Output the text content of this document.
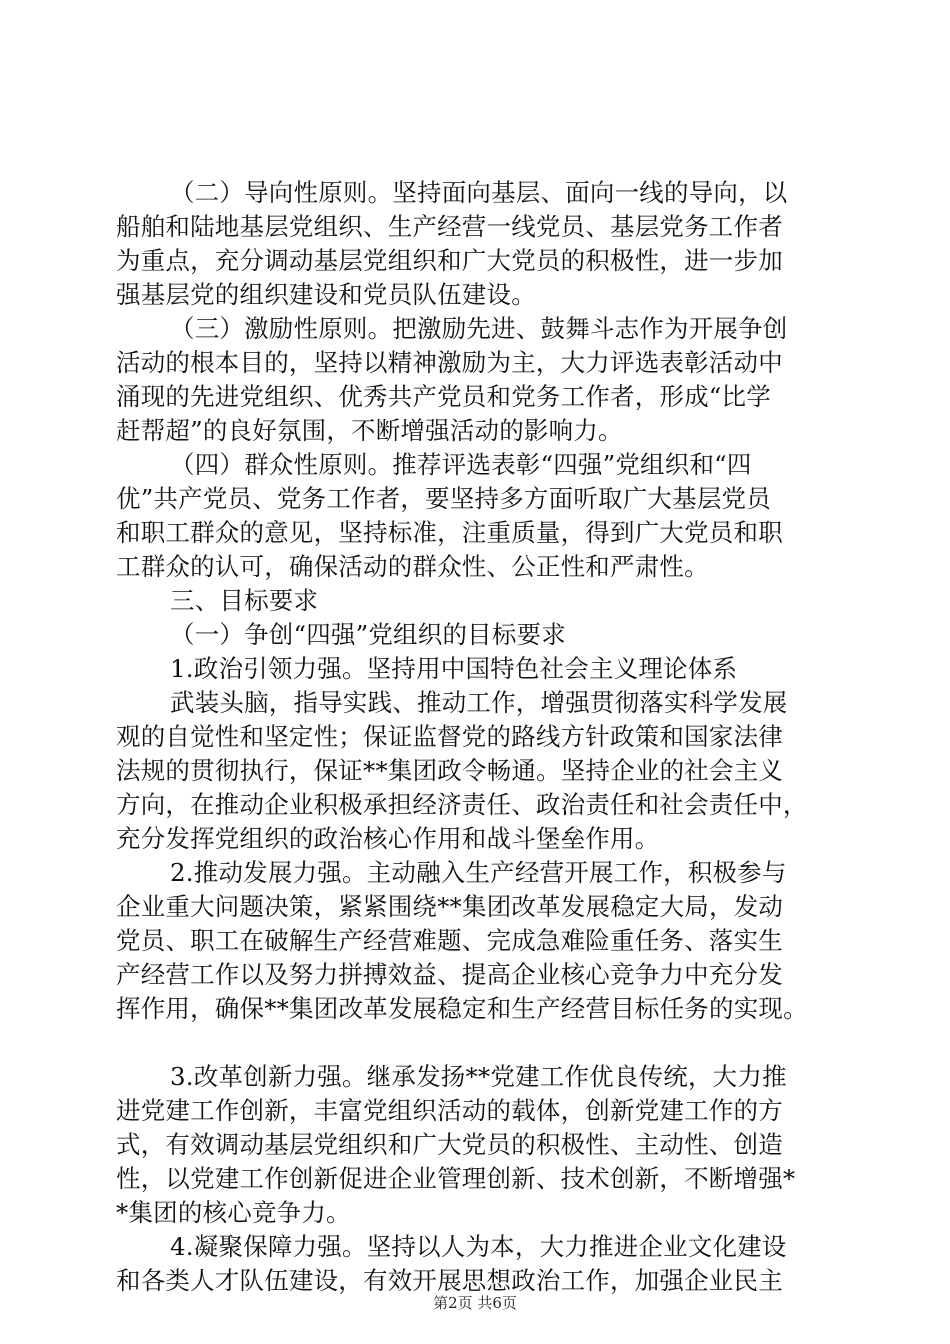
（二）导向性原则。坚持面向基层、面向一线的导向，以
船舶和陆地基层党组织、生产经营一线党员、基层党务工作者
为重点，充分调动基层党组织和广大党员的积极性，进一步加
强基层党的组织建设和党员队伍建设。
（三）激励性原则。把激励先进、鼓舞斗志作为开展争创
活动的根本目的，坚持以精神激励为主，大力评选表彰活动中
涌现的先进党组织、优秀共产党员和党务工作者，形成“比学
赶帮超”的良好氛围，不断增强活动的影响力。
（四）群众性原则。推荐评选表彰“四强”党组织和“四
优”共产党员、党务工作者，要坚持多方面听取广大基层党员
和职工群众的意见，坚持标准，注重质量，得到广大党员和职
工群众的认可，确保活动的群众性、公正性和严肃性。
三、目标要求
（一）争创“四强”党组织的目标要求
1.政治引领力强。坚持用中国特色社会主义理论体系
武装头脑，指导实践、推动工作，增强贯彻落实科学发展
观的自觉性和坚定性；保证监督党的路线方针政策和国家法律
法规的贯彻执行，保证**集团政令畅通。坚持企业的社会主义
方向，在推动企业积极承担经济责任、政治责任和社会责任中，
充分发挥党组织的政治核心作用和战斗堡垒作用。
2.推动发展力强。主动融入生产经营开展工作，积极参与
企业重大问题决策，紧紧围绕**集团改革发展稳定大局，发动
党员、职工在破解生产经营难题、完成急难险重任务、落实生
产经营工作以及努力拼搏效益、提高企业核心竞争力中充分发
挥作用，确保**集团改革发展稳定和生产经营目标任务的实现。
3.改革创新力强。继承发扬**党建工作优良传统，大力推
进党建工作创新，丰富党组织活动的载体，创新党建工作的方
式，有效调动基层党组织和广大党员的积极性、主动性、创造
性，以党建工作创新促进企业管理创新、技术创新，不断增强*
*集团的核心竞争力。
4.凝聚保障力强。坚持以人为本，大力推进企业文化建设
和各类人才队伍建设，有效开展思想政治工作，加强企业民主
第2页 共6页
